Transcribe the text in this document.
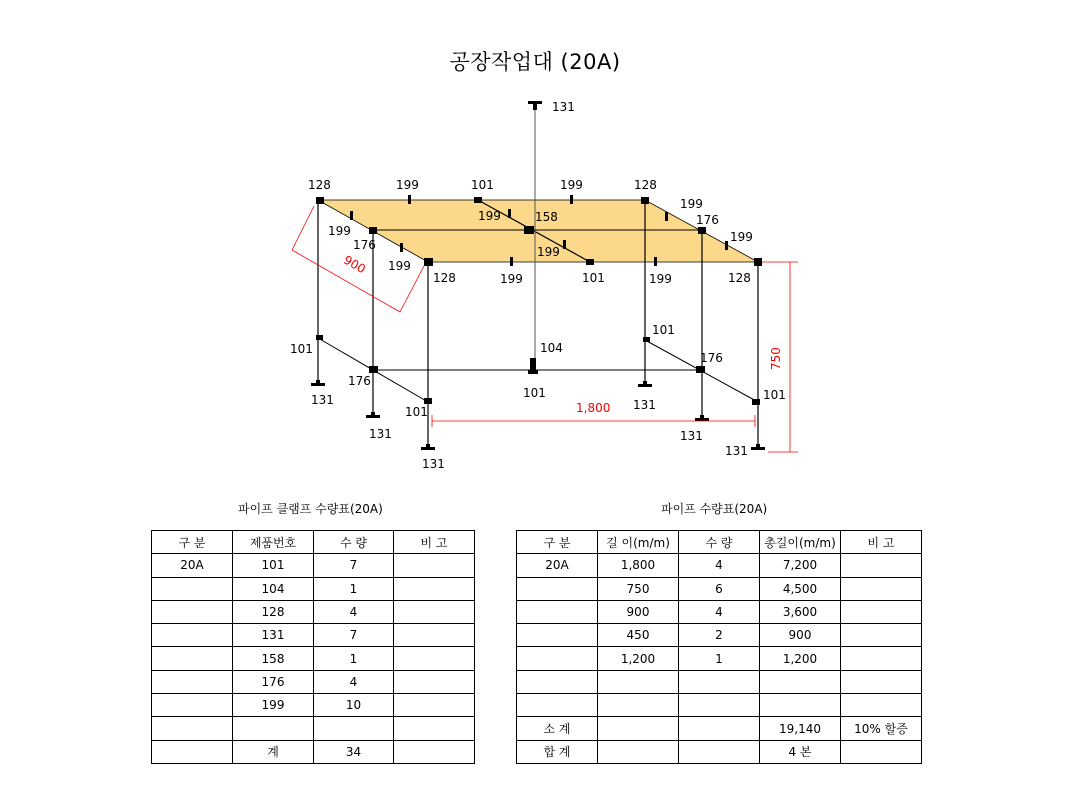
공장작업대 (20A)
131
128	199	101	199	128
199
199	158	176
199
199
176	199
199
128	199	101	199	128
101	104
101
176
176
101	101
131
101	131
131	131
131
131
1,800
900
750
파이프 클램프 수량표(20A)
구 분	제품번호	수 량	비 고
20A	101	7	
	104	1	
	128	4	
	131	7	
	158	1	
	176	4	
	199	10	

	계	34	
파이프 수량표(20A)
구 분	길 이(m/m)	수 량	총길이(m/m)	비 고
20A	1,800	4	7,200	
	750	6	4,500	
	900	4	3,600	
	450	2	900	
	1,200	1	1,200	

소 계			19,140	10% 할증
합 계			4 본	
